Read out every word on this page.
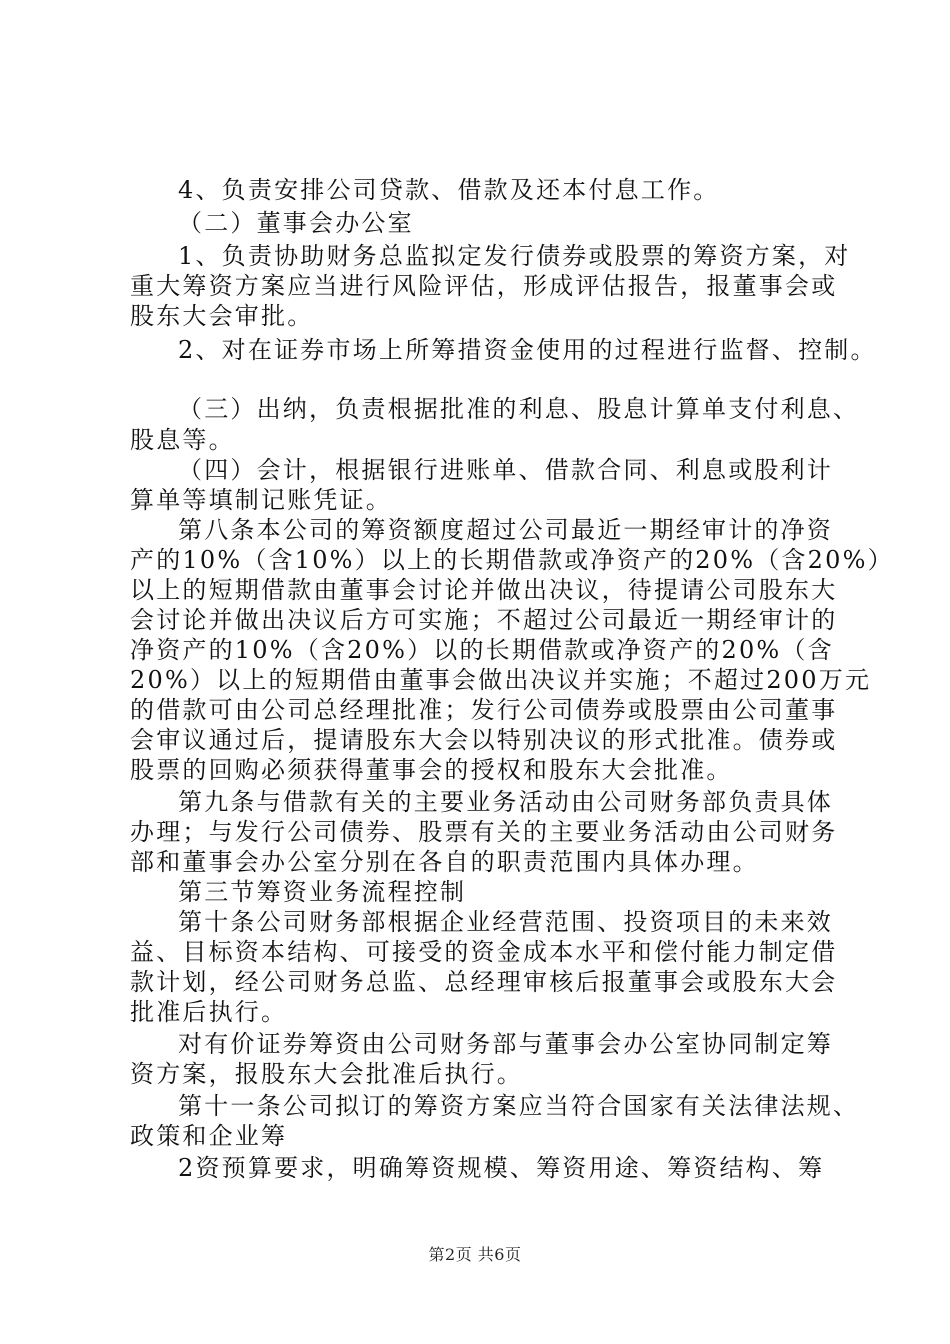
4、负责安排公司贷款、借款及还本付息工作。
（二）董事会办公室
1、负责协助财务总监拟定发行债券或股票的筹资方案，对
重大筹资方案应当进行风险评估，形成评估报告，报董事会或
股东大会审批。
2、对在证券市场上所筹措资金使用的过程进行监督、控制。
（三）出纳，负责根据批准的利息、股息计算单支付利息、
股息等。
（四）会计，根据银行进账单、借款合同、利息或股利计
算单等填制记账凭证。
第八条本公司的筹资额度超过公司最近一期经审计的净资
产的10%（含10%）以上的长期借款或净资产的20%（含20%）
以上的短期借款由董事会讨论并做出决议，待提请公司股东大
会讨论并做出决议后方可实施；不超过公司最近一期经审计的
净资产的10%（含20%）以的长期借款或净资产的20%（含
20%）以上的短期借由董事会做出决议并实施；不超过200万元
的借款可由公司总经理批准；发行公司债券或股票由公司董事
会审议通过后，提请股东大会以特别决议的形式批准。债券或
股票的回购必须获得董事会的授权和股东大会批准。
第九条与借款有关的主要业务活动由公司财务部负责具体
办理；与发行公司债券、股票有关的主要业务活动由公司财务
部和董事会办公室分别在各自的职责范围内具体办理。
第三节筹资业务流程控制
第十条公司财务部根据企业经营范围、投资项目的未来效
益、目标资本结构、可接受的资金成本水平和偿付能力制定借
款计划，经公司财务总监、总经理审核后报董事会或股东大会
批准后执行。
对有价证券筹资由公司财务部与董事会办公室协同制定筹
资方案，报股东大会批准后执行。
第十一条公司拟订的筹资方案应当符合国家有关法律法规、
政策和企业筹
2资预算要求，明确筹资规模、筹资用途、筹资结构、筹
第2页 共6页
